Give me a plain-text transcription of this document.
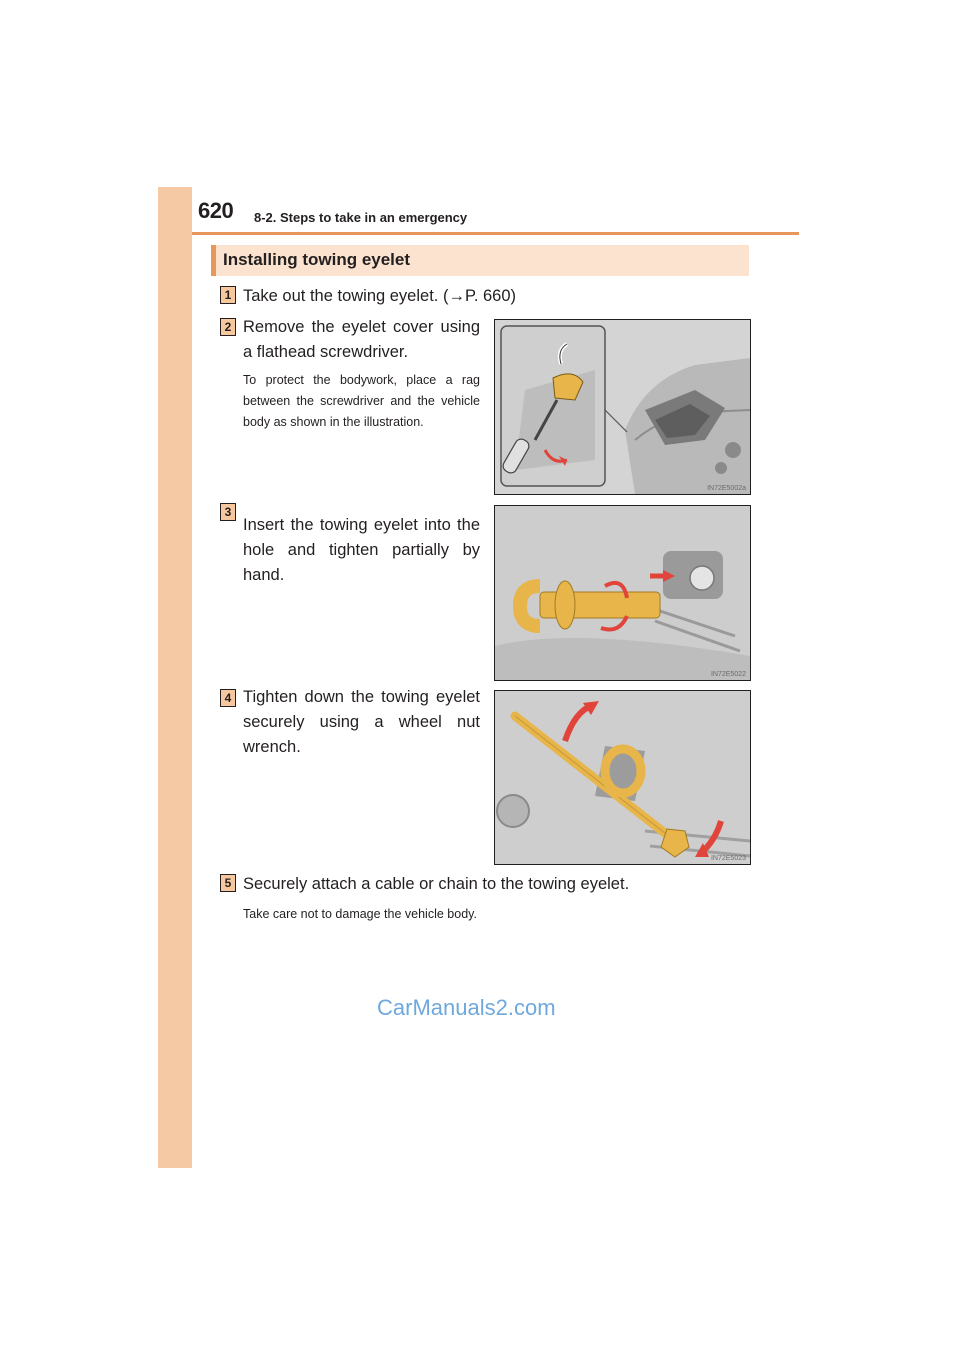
620 8-2. Steps to take in an emergency
Installing towing eyelet
1 Take out the towing eyelet. (→P. 660)
2 Remove the eyelet cover using a flathead screwdriver.
To protect the bodywork, place a rag between the screwdriver and the vehicle body as shown in the illustration.
IN72E5002a
3
Insert the towing eyelet into the hole and tighten partially by hand.
IN72E5022
4 Tighten down the towing eyelet securely using a wheel nut wrench.
IN72E5023
5 Securely attach a cable or chain to the towing eyelet.
Take care not to damage the vehicle body.
CarManuals2.com
